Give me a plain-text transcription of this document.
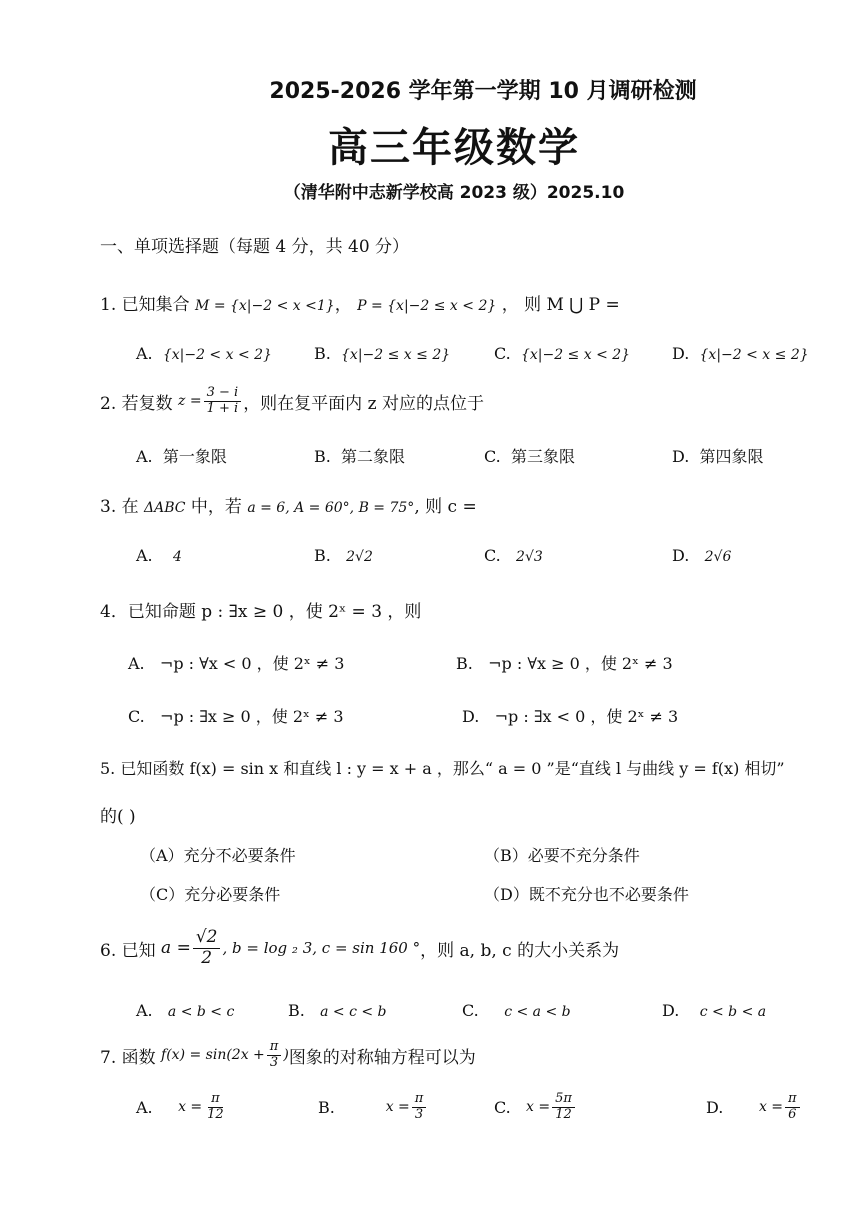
2025-2026 学年第一学期 10 月调研检测
高三年级数学
（清华附中志新学校高 2023 级）2025.10
一、单项选择题（每题 4 分，共 40 分）
1. 已知集合 M = {x|−2 < x <1}， P = {x|−2 ≤ x < 2} ， 则 M ⋃ P =
A. {x|−2 < x < 2}	B. {x|−2 ≤ x ≤ 2}	C. {x|−2 ≤ x < 2}	D. {x|−2 < x ≤ 2}
2. 若复数
$z = \frac{3 - i}{1 + i}$ ，则在复平面内 z 对应的点位于
A. 第一象限	B. 第二象限	C. 第三象限	D. 第四象限
3. 在 ΔABC 中，若 a = 6, A = 60°, B = 75°, 则 c =
A. 4	B. 2√2	C. 2√3	D. 2√6
4．已知命题 p : ∃x ≥ 0 ，使 2ˣ = 3 ，则
A. ¬p : ∀x < 0 ，使 2ˣ ≠ 3	B. ¬p : ∀x ≥ 0 ，使 2ˣ ≠ 3
C. ¬p : ∃x ≥ 0 ，使 2ˣ ≠ 3	D. ¬p : ∃x < 0 ，使 2ˣ ≠ 3
5. 已知函数 f(x) = sin x 和直线 l : y = x + a ，那么“ a = 0 ”是“直线 l 与曲线 y = f(x) 相切”
的( )
（A）充分不必要条件	（B）必要不充分条件
（C）充分必要条件	（D）既不充分也不必要条件
6. 已知
$a = \frac{√2}{2}$ , b = log ₂ 3, c = sin 160 ° ，则 a, b, c 的大小关系为
A. a < b < c	B. a < c < b	C. c < a < b	D. c < b < a
7. 函数
$f(x) = \sin(2x + \frac{\pi}{3}$ ) 图象的对称轴方程可以为
A.
$x = \frac{\pi}{12}$	B.
	$x = \frac{\pi}{3}$	C.
$x = \frac{5\pi}{12}$	D.
	$x = \frac{\pi}{6}$
